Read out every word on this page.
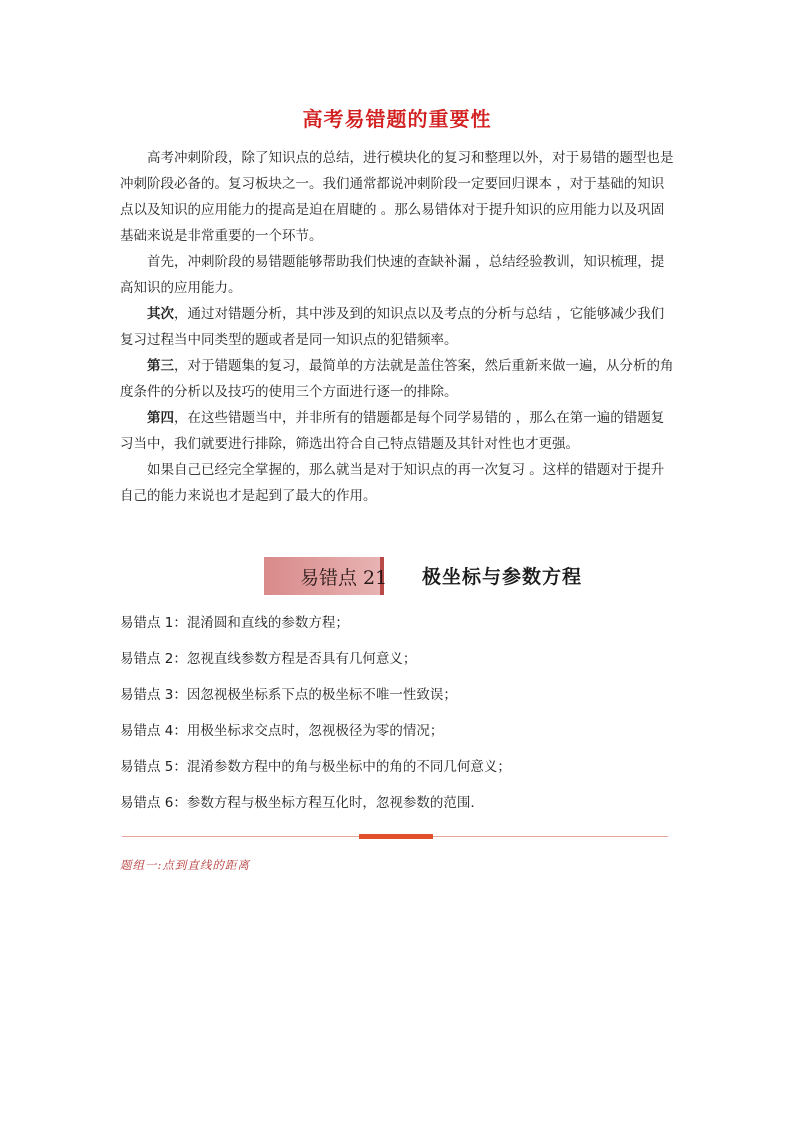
高考易错题的重要性

高考冲刺阶段，除了知识点的总结，进行模块化的复习和整理以外，对于易错的题型也是冲刺阶段必备的。复习板块之一。我们通常都说冲刺阶段一定要回归课本 ，对于基础的知识点以及知识的应用能力的提高是迫在眉睫的 。那么易错体对于提升知识的应用能力以及巩固基础来说是非常重要的一个环节。

首先，冲刺阶段的易错题能够帮助我们快速的查缺补漏 ，总结经验教训，知识梳理，提高知识的应用能力。

其次，通过对错题分析，其中涉及到的知识点以及考点的分析与总结 ，它能够减少我们复习过程当中同类型的题或者是同一知识点的犯错频率。

第三，对于错题集的复习，最简单的方法就是盖住答案，然后重新来做一遍，从分析的角度条件的分析以及技巧的使用三个方面进行逐一的排除。

第四，在这些错题当中，并非所有的错题都是每个同学易错的 ，那么在第一遍的错题复习当中，我们就要进行排除，筛选出符合自己特点错题及其针对性也才更强。

如果自己已经完全掌握的，那么就当是对于知识点的再一次复习 。这样的错题对于提升自己的能力来说也才是起到了最大的作用。

易错点 21 极坐标与参数方程
易错点 1：混淆圆和直线的参数方程；
易错点 2：忽视直线参数方程是否具有几何意义；
易错点 3：因忽视极坐标系下点的极坐标不唯一性致误；
易错点 4：用极坐标求交点时，忽视极径为零的情况；
易错点 5：混淆参数方程中的角与极坐标中的角的不同几何意义；
易错点 6：参数方程与极坐标方程互化时，忽视参数的范围.
题组一:点到直线的距离
